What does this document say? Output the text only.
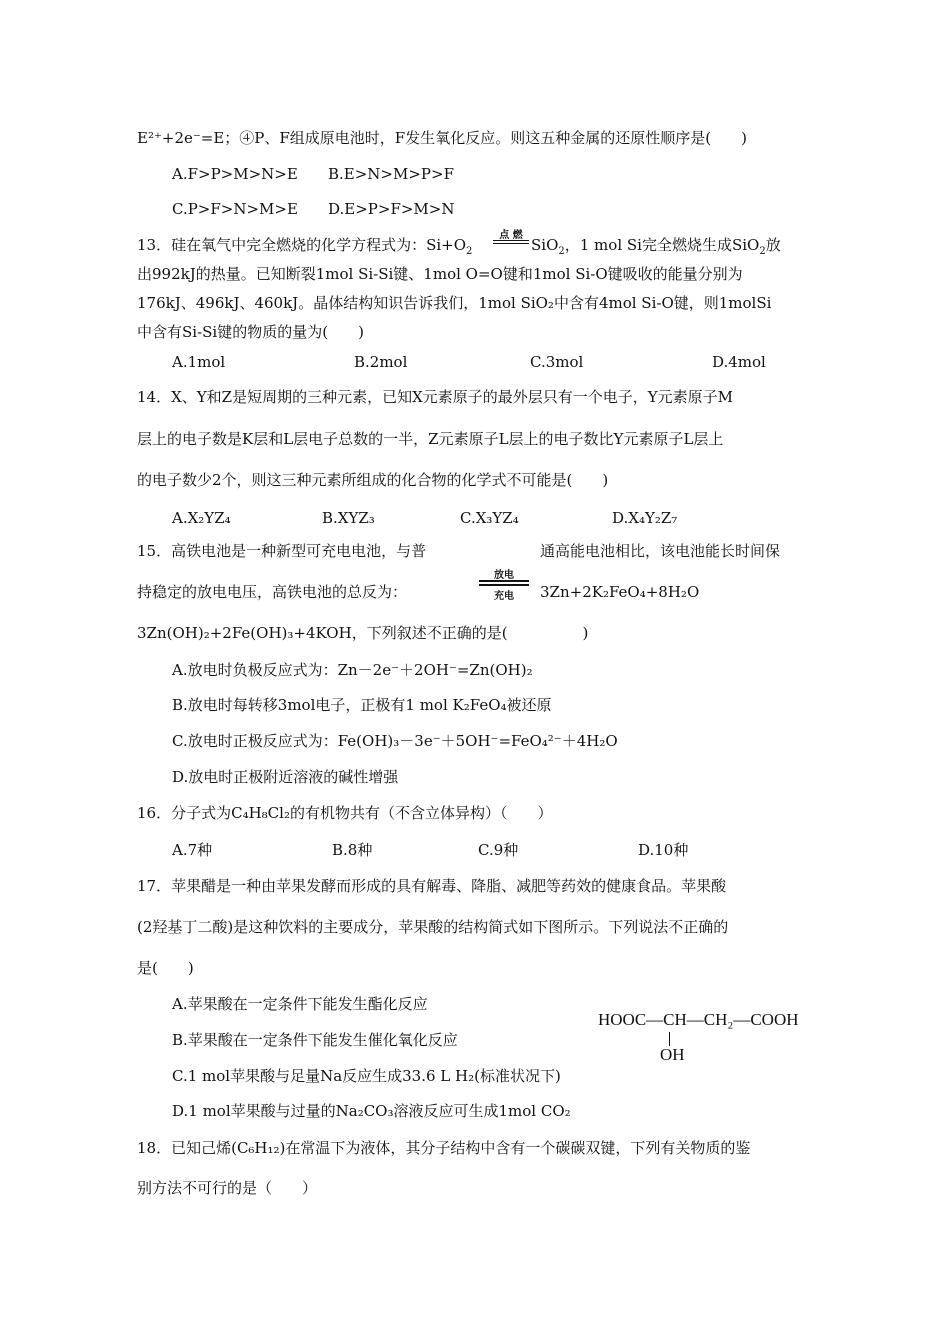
E²⁺+2e⁻=E；④P、F组成原电池时，F发生氧化反应。则这五种金属的还原性顺序是(　　)
A.F>P>M>N>E B.E>N>M>P>F
C.P>F>N>M>E D.E>P>F>M>N
13．硅在氧气中完全燃烧的化学方程式为：$Si+O_2$
点 燃
SiO$_2$，1 mol Si完全燃烧生成SiO$_2$放
出992kJ的热量。已知断裂1mol Si-Si键、1mol O=O键和1mol Si-O键吸收的能量分别为
176kJ、496kJ、460kJ。晶体结构知识告诉我们，1mol SiO₂中含有4mol Si-O键，则1molSi
中含有Si-Si键的物质的量为(　　)
A.1mol	B.2mol	C.3mol	D.4mol
14．X、Y和Z是短周期的三种元素，已知X元素原子的最外层只有一个电子，Y元素原子M
层上的电子数是K层和L层电子总数的一半，Z元素原子L层上的电子数比Y元素原子L层上
的电子数少2个，则这三种元素所组成的化合物的化学式不可能是(　　)
A.X₂YZ₄	B.XYZ₃	C.X₃YZ₄	D.X₄Y₂Z₇
15．高铁电池是一种新型可充电电池，与普	通高能电池相比，该电池能长时间保
持稳定的放电电压，高铁电池的总反为：
放电
充电	3Zn+2K₂FeO₄+8H₂O
3Zn(OH)₂+2Fe(OH)₃+4KOH，下列叙述不正确的是(　　　　　)
A.放电时负极反应式为：Zn－2e⁻＋2OH⁻=Zn(OH)₂
B.放电时每转移3mol电子，正极有1 mol K₂FeO₄被还原
C.放电时正极反应式为：Fe(OH)₃－3e⁻＋5OH⁻=FeO₄²⁻＋4H₂O
D.放电时正极附近溶液的碱性增强
16．分子式为C₄H₈Cl₂的有机物共有（不含立体异构）（　　）
A.7种	B.8种	C.9种	D.10种
17．苹果醋是一种由苹果发酵而形成的具有解毒、降脂、减肥等药效的健康食品。苹果酸
(2羟基丁二酸)是这种饮料的主要成分，苹果酸的结构简式如下图所示。下列说法不正确的
是(　　)
A.苹果酸在一定条件下能发生酯化反应
B.苹果酸在一定条件下能发生催化氧化反应
C.1 mol苹果酸与足量Na反应生成33.6 L H₂(标准状况下)
D.1 mol苹果酸与过量的Na₂CO₃溶液反应可生成1mol CO₂
HOOC—CH—CH₂—COOH
OH
18．已知己烯(C₆H₁₂)在常温下为液体，其分子结构中含有一个碳碳双键，下列有关物质的鉴
别方法不可行的是（　　）
